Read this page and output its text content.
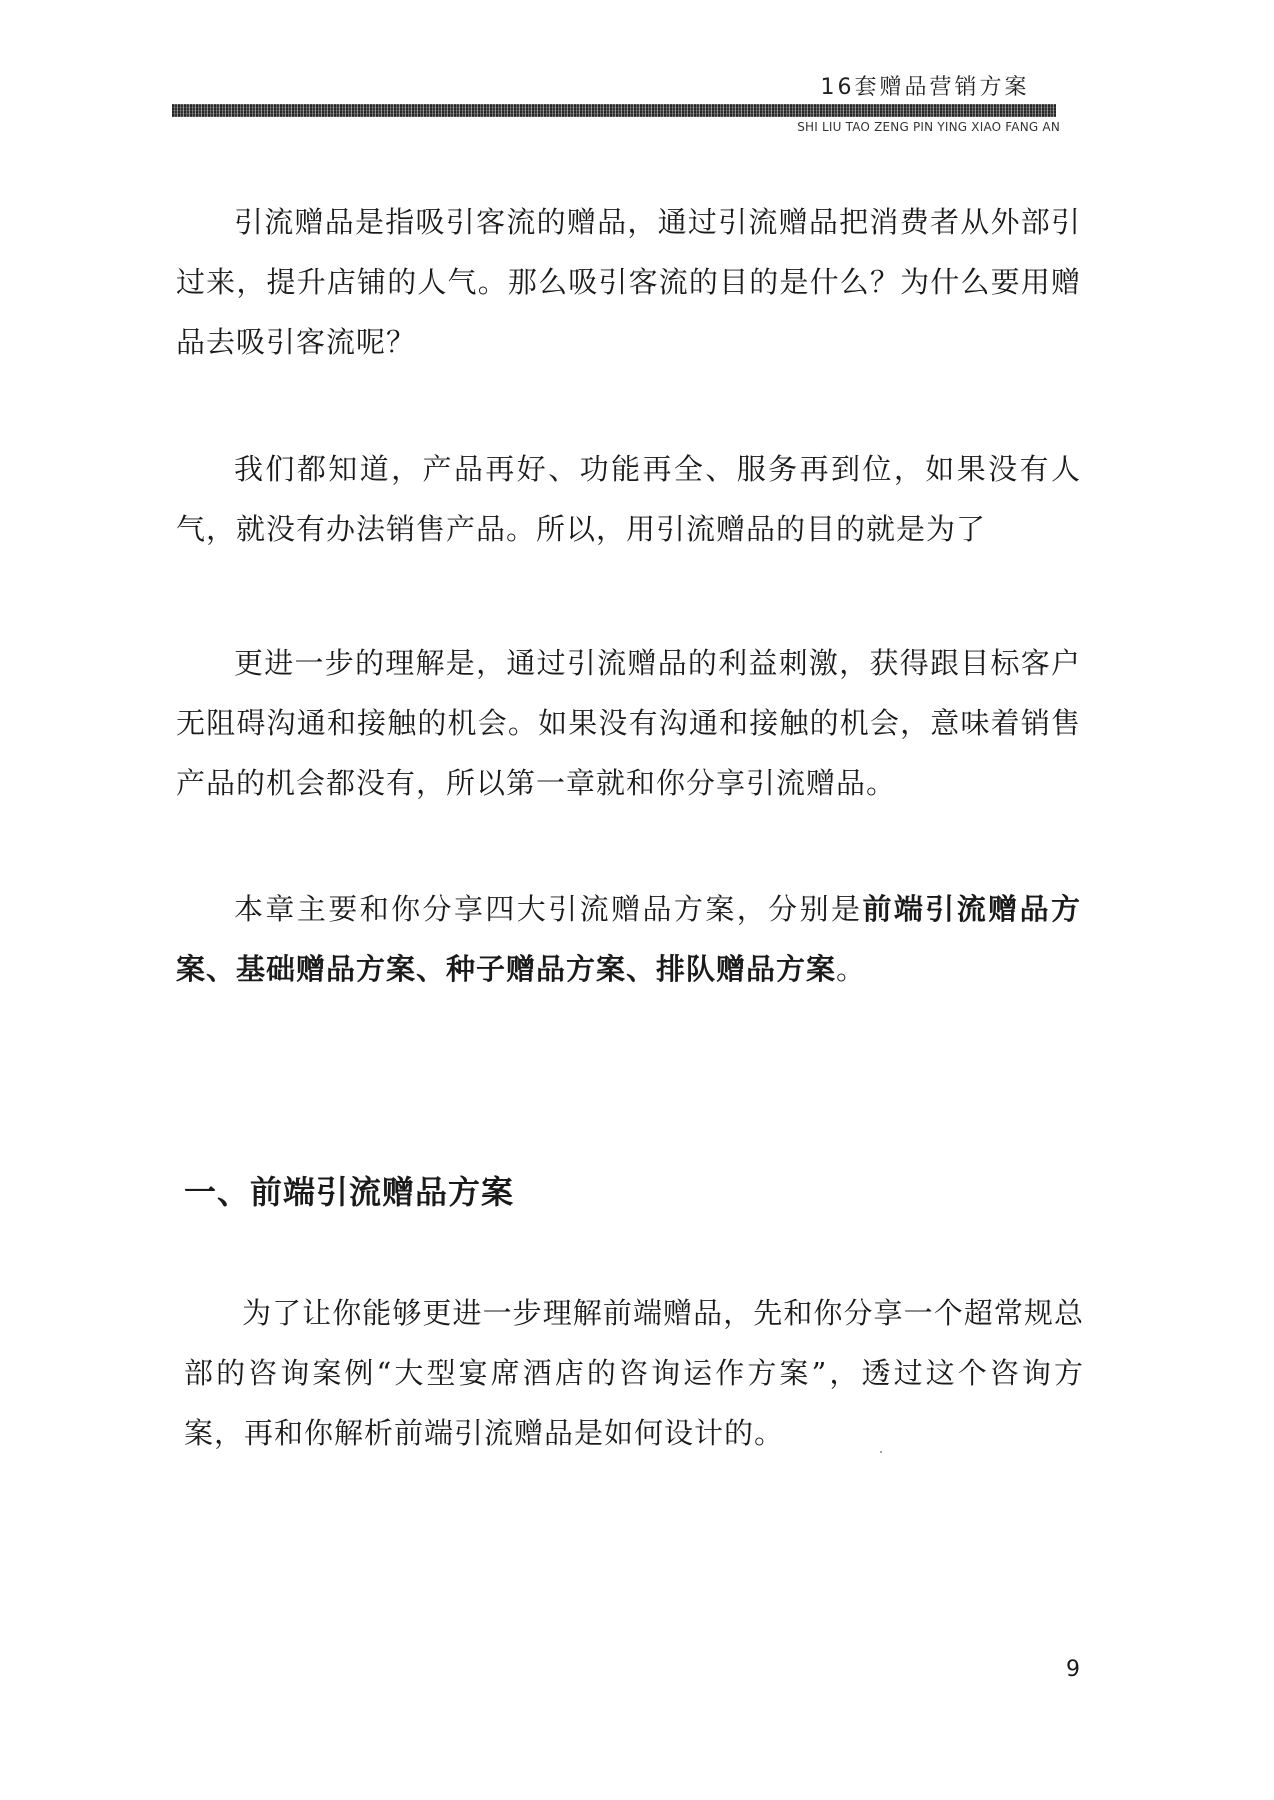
16套赠品营销方案
SHI LIU TAO ZENG PIN YING XIAO FANG AN

引流赠品是指吸引客流的赠品，通过引流赠品把消费者从外部引过来，提升店铺的人气。那么吸引客流的目的是什么？为什么要用赠品去吸引客流呢？

我们都知道，产品再好、功能再全、服务再到位，如果没有人气，就没有办法销售产品。所以，用引流赠品的目的就是为了

更进一步的理解是，通过引流赠品的利益刺激，获得跟目标客户无阻碍沟通和接触的机会。如果没有沟通和接触的机会，意味着销售产品的机会都没有，所以第一章就和你分享引流赠品。

本章主要和你分享四大引流赠品方案，分别是前端引流赠品方案、基础赠品方案、种子赠品方案、排队赠品方案。

一、前端引流赠品方案

为了让你能够更进一步理解前端赠品，先和你分享一个超常规总部的咨询案例“大型宴席酒店的咨询运作方案”，透过这个咨询方案，再和你解析前端引流赠品是如何设计的。

9
